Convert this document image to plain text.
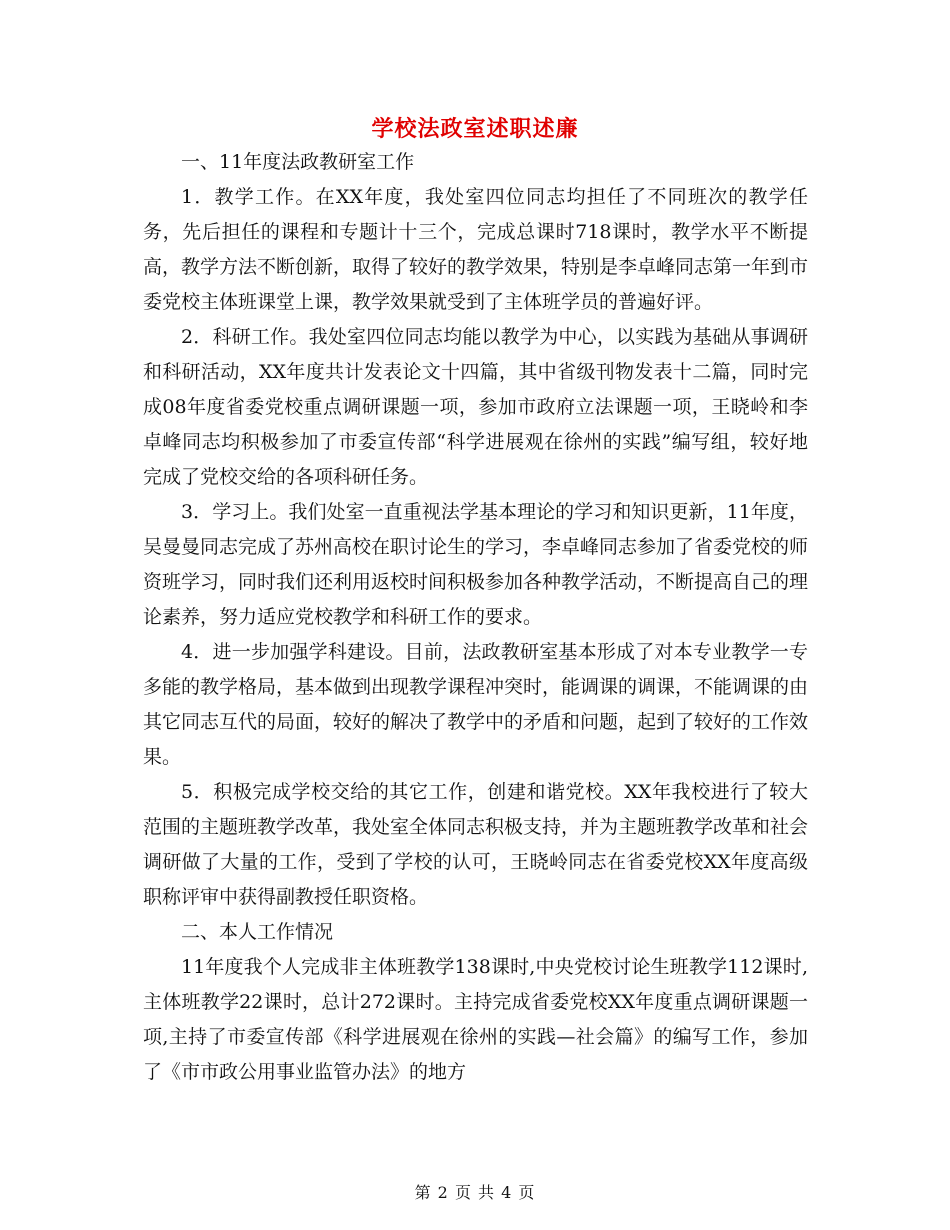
学校法政室述职述廉

一、11年度法政教研室工作

1．教学工作。在XX年度，我处室四位同志均担任了不同班次的教学任务，先后担任的课程和专题计十三个，完成总课时718课时，教学水平不断提高，教学方法不断创新，取得了较好的教学效果，特别是李卓峰同志第一年到市委党校主体班课堂上课，教学效果就受到了主体班学员的普遍好评。

2．科研工作。我处室四位同志均能以教学为中心，以实践为基础从事调研和科研活动，XX年度共计发表论文十四篇，其中省级刊物发表十二篇，同时完成08年度省委党校重点调研课题一项，参加市政府立法课题一项，王晓岭和李卓峰同志均积极参加了市委宣传部“科学进展观在徐州的实践”编写组，较好地完成了党校交给的各项科研任务。

3．学习上。我们处室一直重视法学基本理论的学习和知识更新，11年度，吴曼曼同志完成了苏州高校在职讨论生的学习，李卓峰同志参加了省委党校的师资班学习，同时我们还利用返校时间积极参加各种教学活动，不断提高自己的理论素养，努力适应党校教学和科研工作的要求。

4．进一步加强学科建设。目前，法政教研室基本形成了对本专业教学一专多能的教学格局，基本做到出现教学课程冲突时，能调课的调课，不能调课的由其它同志互代的局面，较好的解决了教学中的矛盾和问题，起到了较好的工作效果。

5．积极完成学校交给的其它工作，创建和谐党校。XX年我校进行了较大范围的主题班教学改革，我处室全体同志积极支持，并为主题班教学改革和社会调研做了大量的工作，受到了学校的认可，王晓岭同志在省委党校XX年度高级职称评审中获得副教授任职资格。

二、本人工作情况

11年度我个人完成非主体班教学138课时,中央党校讨论生班教学112课时,主体班教学22课时，总计272课时。主持完成省委党校XX年度重点调研课题一项,主持了市委宣传部《科学进展观在徐州的实践—社会篇》的编写工作，参加了《市市政公用事业监管办法》的地方

第 2 页 共 4 页
